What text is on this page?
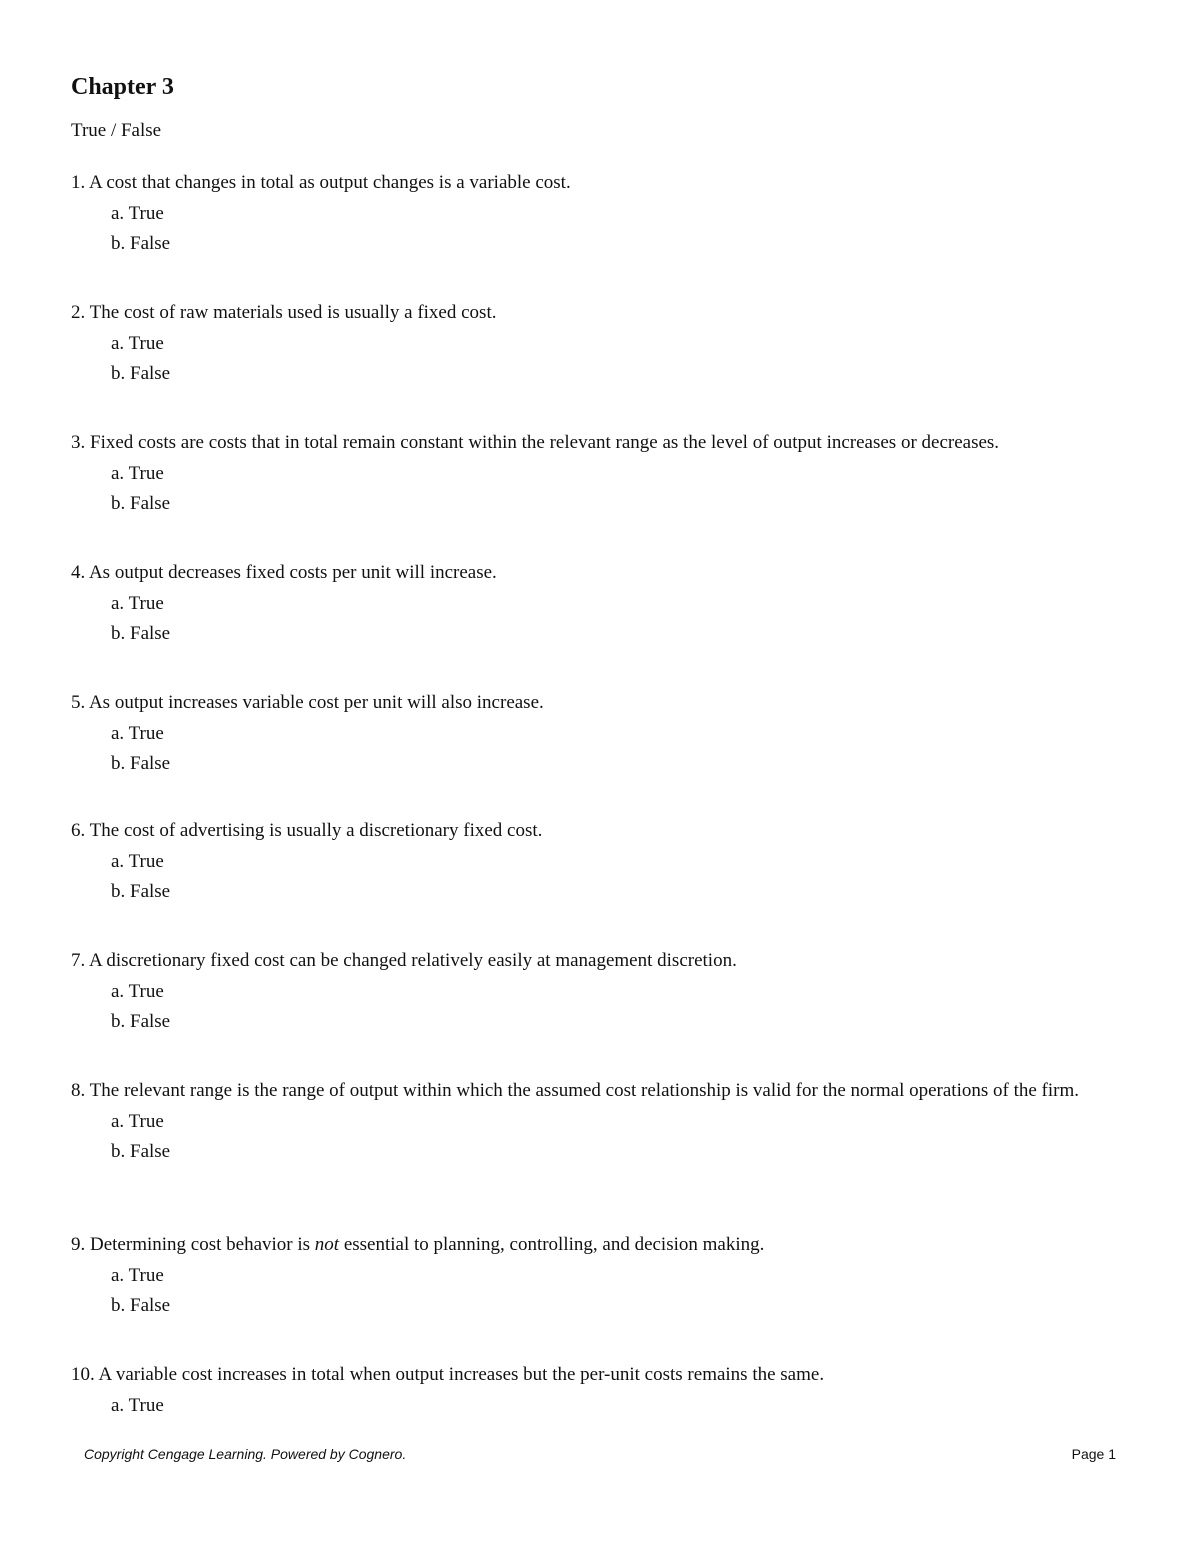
Chapter 3

True / False

1. A cost that changes in total as output changes is a variable cost.

a. True
b. False

2. The cost of raw materials used is usually a fixed cost.

a. True
b. False

3. Fixed costs are costs that in total remain constant within the relevant range as the level of output increases or decreases.

a. True
b. False

4. As output decreases fixed costs per unit will increase.

a. True
b. False

5. As output increases variable cost per unit will also increase.

a. True
b. False

6. The cost of advertising is usually a discretionary fixed cost.

a. True
b. False

7. A discretionary fixed cost can be changed relatively easily at management discretion.

a. True
b. False

8. The relevant range is the range of output within which the assumed cost relationship is valid for the normal operations of the firm.

a. True
b. False

9. Determining cost behavior is not essential to planning, controlling, and decision making.

a. True
b. False

10. A variable cost increases in total when output increases but the per-unit costs remains the same.

a. True
Copyright Cengage Learning. Powered by Cognero.	Page 1
